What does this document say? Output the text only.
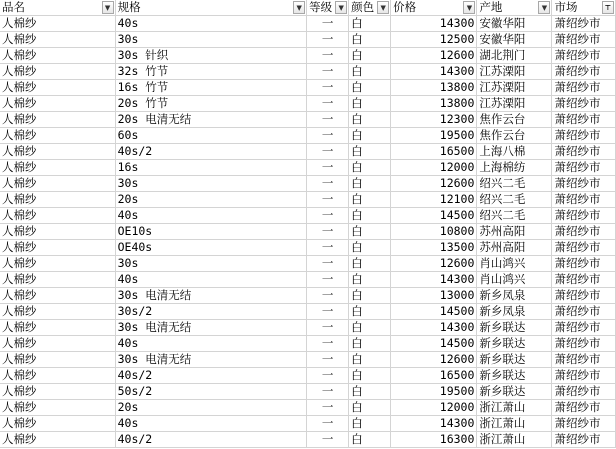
品名 ▼	规格 ▼	等级 ▼	颜色 ▼	价格 ▼	产地 ▼	市场 ⊤

人棉纱	40s	一	白	14300	安徽华阳	萧绍纱市
人棉纱	30s	一	白	12500	安徽华阳	萧绍纱市
人棉纱	30s 针织	一	白	12600	湖北荆门	萧绍纱市
人棉纱	32s 竹节	一	白	14300	江苏溧阳	萧绍纱市
人棉纱	16s 竹节	一	白	13800	江苏溧阳	萧绍纱市
人棉纱	20s 竹节	一	白	13800	江苏溧阳	萧绍纱市
人棉纱	20s 电清无结	一	白	12300	焦作云台	萧绍纱市
人棉纱	60s	一	白	19500	焦作云台	萧绍纱市
人棉纱	40s/2	一	白	16500	上海八棉	萧绍纱市
人棉纱	16s	一	白	12000	上海棉纺	萧绍纱市
人棉纱	30s	一	白	12600	绍兴二毛	萧绍纱市
人棉纱	20s	一	白	12100	绍兴二毛	萧绍纱市
人棉纱	40s	一	白	14500	绍兴二毛	萧绍纱市
人棉纱	OE10s	一	白	10800	苏州高阳	萧绍纱市
人棉纱	OE40s	一	白	13500	苏州高阳	萧绍纱市
人棉纱	30s	一	白	12600	肖山鸿兴	萧绍纱市
人棉纱	40s	一	白	14300	肖山鸿兴	萧绍纱市
人棉纱	30s 电清无结	一	白	13000	新乡凤泉	萧绍纱市
人棉纱	30s/2	一	白	14500	新乡凤泉	萧绍纱市
人棉纱	30s 电清无结	一	白	14300	新乡联达	萧绍纱市
人棉纱	40s	一	白	14500	新乡联达	萧绍纱市
人棉纱	30s 电清无结	一	白	12600	新乡联达	萧绍纱市
人棉纱	40s/2	一	白	16500	新乡联达	萧绍纱市
人棉纱	50s/2	一	白	19500	新乡联达	萧绍纱市
人棉纱	20s	一	白	12000	浙江萧山	萧绍纱市
人棉纱	40s	一	白	14300	浙江萧山	萧绍纱市
人棉纱	40s/2	一	白	16300	浙江萧山	萧绍纱市
